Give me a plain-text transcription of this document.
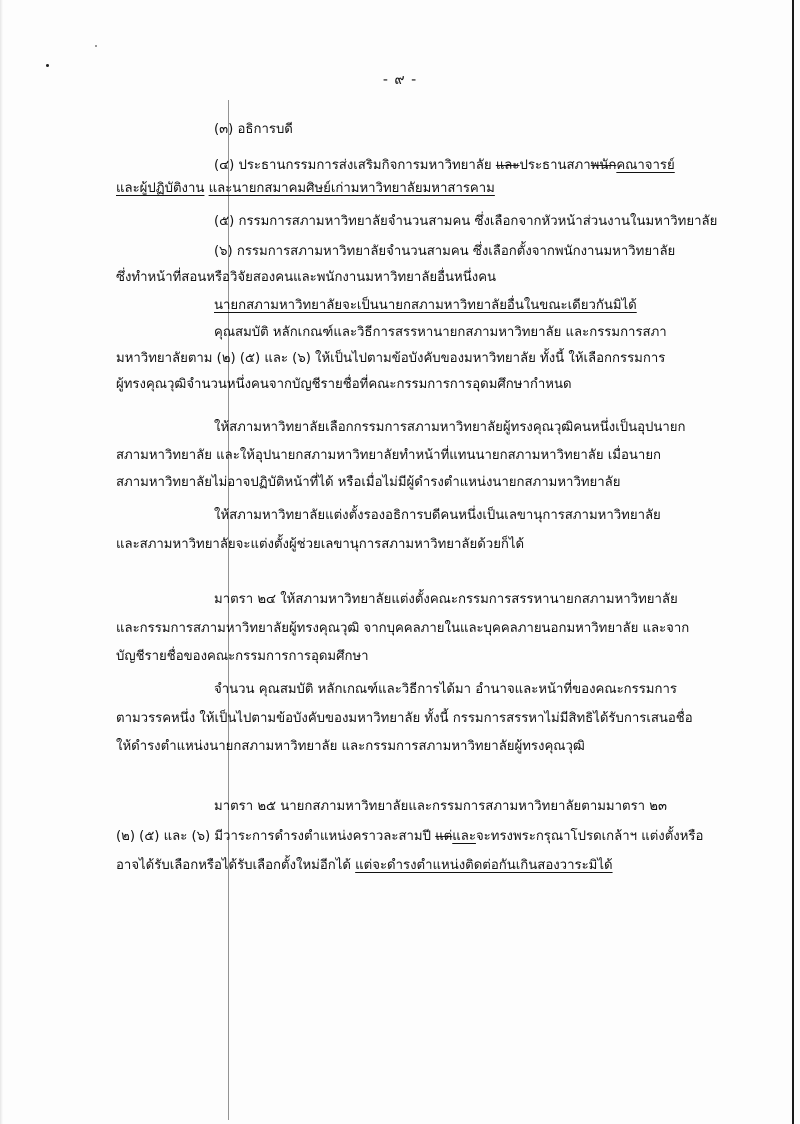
- ๙ -
(๓) อธิการบดี
(๔) ประธานกรรมการส่งเสริมกิจการมหาวิทยาลัย และประธานสภาพนักคณาจารย์
และผู้ปฏิบัติงาน และนายกสมาคมศิษย์เก่ามหาวิทยาลัยมหาสารคาม
(๕) กรรมการสภามหาวิทยาลัยจำนวนสามคน ซึ่งเลือกจากหัวหน้าส่วนงานในมหาวิทยาลัย
(๖) กรรมการสภามหาวิทยาลัยจำนวนสามคน ซึ่งเลือกตั้งจากพนักงานมหาวิทยาลัย
ซึ่งทำหน้าที่สอนหรือวิจัยสองคนและพนักงานมหาวิทยาลัยอื่นหนึ่งคน
นายกสภามหาวิทยาลัยจะเป็นนายกสภามหาวิทยาลัยอื่นในขณะเดียวกันมิได้
คุณสมบัติ หลักเกณฑ์และวิธีการสรรหานายกสภามหาวิทยาลัย และกรรมการสภา
มหาวิทยาลัยตาม (๒) (๕) และ (๖) ให้เป็นไปตามข้อบังคับของมหาวิทยาลัย ทั้งนี้ ให้เลือกกรรมการ
ผู้ทรงคุณวุฒิจำนวนหนึ่งคนจากบัญชีรายชื่อที่คณะกรรมการการอุดมศึกษากำหนด
ให้สภามหาวิทยาลัยเลือกกรรมการสภามหาวิทยาลัยผู้ทรงคุณวุฒิคนหนึ่งเป็นอุปนายก
สภามหาวิทยาลัย และให้อุปนายกสภามหาวิทยาลัยทำหน้าที่แทนนายกสภามหาวิทยาลัย เมื่อนายก
สภามหาวิทยาลัยไม่อาจปฏิบัติหน้าที่ได้ หรือเมื่อไม่มีผู้ดำรงตำแหน่งนายกสภามหาวิทยาลัย
ให้สภามหาวิทยาลัยแต่งตั้งรองอธิการบดีคนหนึ่งเป็นเลขานุการสภามหาวิทยาลัย
และสภามหาวิทยาลัยจะแต่งตั้งผู้ช่วยเลขานุการสภามหาวิทยาลัยด้วยก็ได้
มาตรา ๒๔ ให้สภามหาวิทยาลัยแต่งตั้งคณะกรรมการสรรหานายกสภามหาวิทยาลัย
และกรรมการสภามหาวิทยาลัยผู้ทรงคุณวุฒิ จากบุคคลภายในและบุคคลภายนอกมหาวิทยาลัย และจาก
บัญชีรายชื่อของคณะกรรมการการอุดมศึกษา
จำนวน คุณสมบัติ หลักเกณฑ์และวิธีการได้มา อำนาจและหน้าที่ของคณะกรรมการ
ตามวรรคหนึ่ง ให้เป็นไปตามข้อบังคับของมหาวิทยาลัย ทั้งนี้ กรรมการสรรหาไม่มีสิทธิได้รับการเสนอชื่อ
ให้ดำรงตำแหน่งนายกสภามหาวิทยาลัย และกรรมการสภามหาวิทยาลัยผู้ทรงคุณวุฒิ
มาตรา ๒๕ นายกสภามหาวิทยาลัยและกรรมการสภามหาวิทยาลัยตามมาตรา ๒๓
(๒) (๕) และ (๖) มีวาระการดำรงตำแหน่งคราวละสามปี แต่และจะทรงพระกรุณาโปรดเกล้าฯ แต่งตั้งหรือ
อาจได้รับเลือกหรือได้รับเลือกตั้งใหม่อีกได้ แต่จะดำรงตำแหน่งติดต่อกันเกินสองวาระมิได้
